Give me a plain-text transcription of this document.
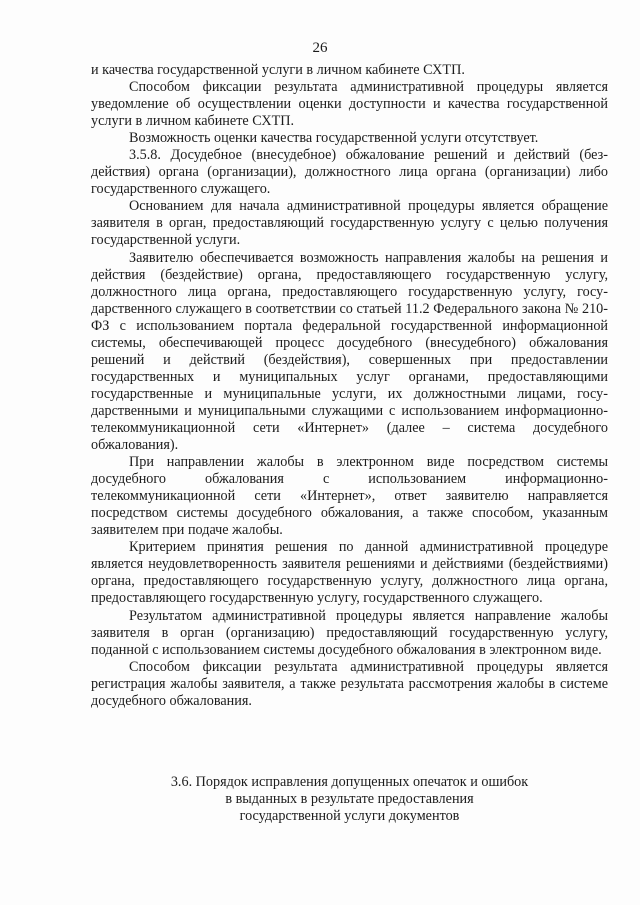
26

и качества государственной услуги в личном кабинете СХТП.

Способом фиксации результата административной процедуры является уведомление об осуществлении оценки доступности и качества государственной услуги в личном кабинете СХТП.

Возможность оценки качества государственной услуги отсутствует.

3.5.8. Досудебное (внесудебное) обжалование решений и действий (бездействия) органа (организации), должностного лица органа (организации) либо государственного служащего.

Основанием для начала административной процедуры является обращение заявителя в орган, предоставляющий государственную услугу с целью получения государственной услуги.

Заявителю обеспечивается возможность направления жалобы на решения и действия (бездействие) органа, предоставляющего государственную услугу, должностного лица органа, предоставляющего государственную услугу, государственного служащего в соответствии со статьей 11.2 Федерального закона № 210-ФЗ с использованием портала федеральной государственной информационной системы, обеспечивающей процесс досудебного (внесудебного) обжалования решений и действий (бездействия), совершенных при предоставлении государственных и муниципальных услуг органами, предоставляющими государственные и муниципальные услуги, их должностными лицами, государственными и муниципальными служащими с использованием информационно-телекоммуникационной сети «Интернет» (далее – система досудебного обжалования).

При направлении жалобы в электронном виде посредством системы досудебного обжалования с использованием информационно-телекоммуникационной сети «Интернет», ответ заявителю направляется посредством системы досудебного обжалования, а также способом, указанным заявителем при подаче жалобы.

Критерием принятия решения по данной административной процедуре является неудовлетворенность заявителя решениями и действиями (бездействиями) органа, предоставляющего государственную услугу, должностного лица органа, предоставляющего государственную услугу, государственного служащего.

Результатом административной процедуры является направление жалобы заявителя в орган (организацию) предоставляющий государственную услугу, поданной с использованием системы досудебного обжалования в электронном виде.

Способом фиксации результата административной процедуры является регистрация жалобы заявителя, а также результата рассмотрения жалобы в системе досудебного обжалования.

3.6. Порядок исправления допущенных опечаток и ошибок
в выданных в результате предоставления
государственной услуги документов
